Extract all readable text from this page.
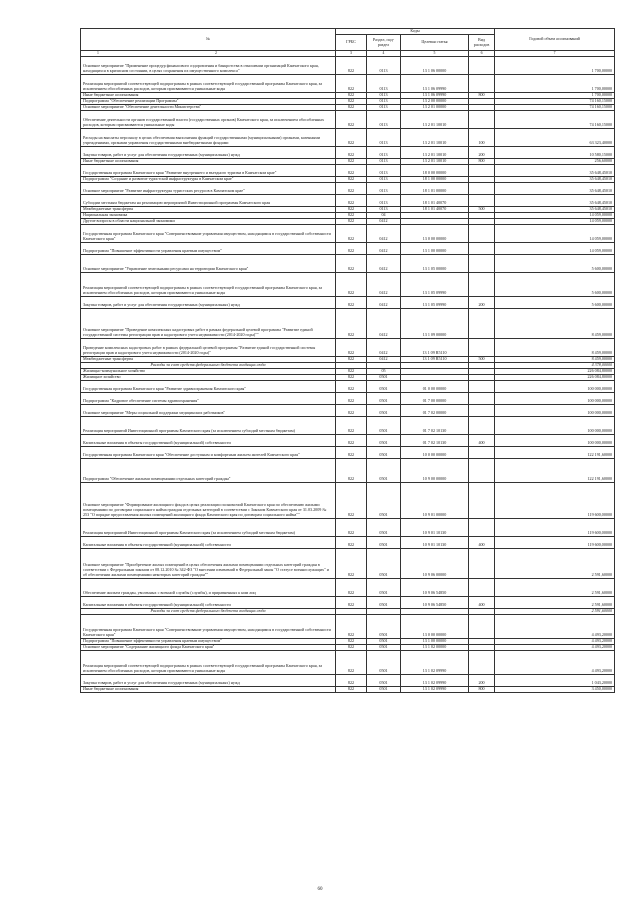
№	Коды				Годовой объем ассигнований
	ГРБС	Раздел, под-раздел	Целевая статья	Вид расходов	

1 2	3	4	5	6	7
Основное мероприятие "Применение процедур финансового оздоровления и банкротства в отношении организаций Камчатского края, находящихся в кризисном состоянии, в целях сохранения их имущественного комплекса"	822	0113	13 1 06 00000		1 700,00000
Реализация мероприятий соответствующей подпрограммы в рамках соответствующей государственной программы Камчатского края, за исключением обособленных расходов, которым присваиваются уникальные коды	822	0113	13 1 06 09990		1 700,00000
Иные бюджетные ассигнования	822	0113	13 1 06 09990	800	1 700,00000
Подпрограмма "Обеспечение реализации Программы"	822	0113	13 2 00 00000		74 160,15000
Основное мероприятие "Обеспечение деятельности Министерства"	822	0113	13 2 01 00000		74 160,15000
Обеспечение деятельности органов государственной власти (государственных органов) Камчатского края, за исключением обособленных расходов, которым присваиваются уникальные коды	822	0113	13 2 01 10010		74 160,15000
Расходы на выплаты персоналу в целях обеспечения выполнения функций государственными (муниципальными) органами, казенными учреждениями, органами управления государственными внебюджетными фондами	822	0113	13 2 01 10010	100	63 323,40000
Закупка товаров, работ и услуг для обеспечения государственных (муниципальных) нужд	822	0113	13 2 01 10010	200	10 580,15000
Иные бюджетные ассигнования	822	0113	13 2 01 10010	800	256,60000
Государственная программа Камчатского края "Развитие внутреннего и въездного туризма в Камчатском крае"	822	0113	18 0 00 00000		35 648,45010
Подпрограмма "Создание и развитие туристской инфраструктуры в Камчатском крае"	822	0113	18 1 00 00000		35 648,45010
Основное мероприятие "Развитие инфраструктуры туристских ресурсов в Камчатском крае"	822	0113	18 1 01 00000		35 648,45010
Субсидии местным бюджетам на реализацию мероприятий Инвестиционной программы Камчатского края	822	0113	18 1 01 40070		35 648,45010
Межбюджетные трансферты	822	0113	18 1 01 40070	500	35 648,45010
Национальная экономика	822	04			14 059,00000
Другие вопросы в области национальной экономики	822	0412			14 059,00000
Государственная программа Камчатского края "Совершенствование управления имуществом, находящимся в государственной собственности Камчатского края"	822	0412	13 0 00 00000		14 059,00000
Подпрограмма "Повышение эффективности управления краевым имуществом"	822	0412	13 1 00 00000		14 059,00000
Основное мероприятие "Управление земельными ресурсами на территории Камчатского края"	822	0412	13 1 05 00000		5 600,00000
Реализация мероприятий соответствующей подпрограммы в рамках соответствующей государственной программы Камчатского края, за исключением обособленных расходов, которым присваиваются уникальные коды	822	0412	13 1 05 09990		5 600,00000
Закупка товаров, работ и услуг для обеспечения государственных (муниципальных) нужд	822	0412	13 1 05 09990	200	5 600,00000
Основное мероприятие "Проведение комплексных кадастровых работ в рамках федеральной целевой программы "Развитие единой государственной системы регистрации прав и кадастрового учета недвижимости (2014-2020 годы)""	822	0412	13 1 09 00000		8 459,00000
Проведение комплексных кадастровых работ в рамках федеральной целевой программы "Развитие единой государственной системы регистрации прав и кадастрового учета недвижимости (2014-2020 годы)"	822	0412	13 1 09 R5110		8 459,00000
Межбюджетные трансферты	822	0412	13 1 09 R5110	500	8 459,00000
Расходы за счет средств федерального бюджета входящих сюда					4 378,00000
Жилищно-коммунальное хозяйство	822	05			226 084,80000
Жилищное хозяйство	822	0501			226 084,80000
Государственная программа Камчатского края "Развитие здравоохранения Камчатского края"	822	0501	01 0 00 00000		100 000,00000
Подпрограмма "Кадровое обеспечение системы здравоохранения"	822	0501	01 7 00 00000		100 000,00000
Основное мероприятие "Меры социальной поддержки медицинских работников"	822	0501	01 7 02 00000		100 000,00000
Реализация мероприятий Инвестиционной программы Камчатского края (за исключением субсидий местным бюджетам)	822	0501	01 7 02 10130		100 000,00000
Капитальные вложения в объекты государственной (муниципальной) собственности	822	0501	01 7 02 10130	400	100 000,00000
Государственная программа Камчатского края "Обеспечение доступным и комфортным жильем жителей Камчатского края"	822	0501	10 0 00 00000		122 191,60000
Подпрограмма "Обеспечение жилыми помещениями отдельных категорий граждан"	822	0501	10 9 00 00000		122 191,60000
Основное мероприятие "Формирование жилищного фонда в целях реализации полномочий Камчатского края по обеспечению жилыми помещениями по договорам социального найма граждан отдельных категорий в соответствии с Законом Камчатского края от 31.03.2009 № 253 "О порядке предоставления жилых помещений жилищного фонда Камчатского края по договорам социального найма""	822	0501	10 9 01 00000		119 600,00000
Реализация мероприятий Инвестиционной программы Камчатского края (за исключением субсидий местным бюджетам)	822	0501	10 9 01 10130		119 600,00000
Капитальные вложения в объекты государственной (муниципальной) собственности	822	0501	10 9 01 10130	400	119 600,00000
Основное мероприятие "Приобретение жилых помещений в целях обеспечения жилыми помещениями отдельных категорий граждан в соответствии с Федеральным законом от 08.12.2010 № 342-ФЗ "О внесении изменений в Федеральный закон "О статусе военнослужащих" и об обеспечении жилыми помещениями некоторых категорий граждан""	822	0501	10 9 06 00000		2 591,60000
Обеспечение жильем граждан, уволенных с военной службы (службы), и приравненных к ним лиц	822	0501	10 9 06 54850		2 591,60000
Капитальные вложения в объекты государственной (муниципальной) собственности	822	0501	10 9 06 54850	400	2 591,60000
Расходы за счет средств федерального бюджета входящих сюда					2 591,60000
Государственная программа Камчатского края "Совершенствование управления имуществом, находящимся в государственной собственности Камчатского края"	822	0501	13 0 00 00000		4 493,20000
Подпрограмма "Повышение эффективности управления краевым имуществом"	822	0501	13 1 00 00000		4 493,20000
Основное мероприятие "Содержание жилищного фонда Камчатского края"	822	0501	13 1 02 00000		4 493,20000
Реализация мероприятий соответствующей подпрограммы в рамках соответствующей государственной программы Камчатского края, за исключением обособленных расходов, которым присваиваются уникальные коды	822	0501	13 1 02 09990		4 493,20000
Закупка товаров, работ и услуг для обеспечения государственных (муниципальных) нужд	822	0501	13 1 02 09990	200	1 043,20000
Иные бюджетные ассигнования	822	0501	13 1 02 09990	800	3 450,00000
60
